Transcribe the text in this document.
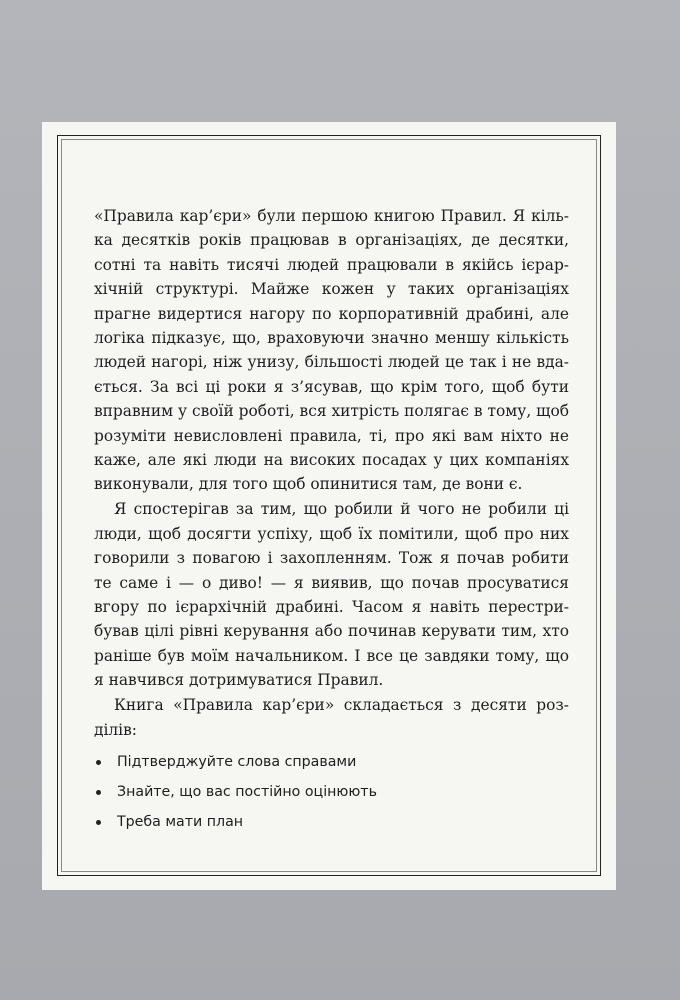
«Правила кар’єри» були першою книгою Правил. Я кілька десятків років працював в організаціях, де десятки, сотні та навіть тисячі людей працювали в якійсь ієрархічній структурі. Майже кожен у таких організаціях прагне видертися нагору по корпоративній драбині, але логіка підказує, що, враховуючи значно меншу кількість людей нагорі, ніж унизу, більшості людей це так і не вдається. За всі ці роки я з’ясував, що крім того, щоб бути вправним у своїй роботі, вся хитрість полягає в тому, щоб розуміти невисловлені правила, ті, про які вам ніхто не каже, але які люди на високих посадах у цих компаніях виконували, для того щоб опинитися там, де вони є.

Я спостерігав за тим, що робили й чого не робили ці люди, щоб досягти успіху, щоб їх помітили, щоб про них говорили з повагою і захопленням. Тож я почав робити те саме і — о диво! — я виявив, що почав просуватися вгору по ієрархічній драбині. Часом я навіть перестрибував цілі рівні керування або починав керувати тим, хто раніше був моїм начальником. І все це завдяки тому, що я навчився дотримуватися Правил.

Книга «Правила кар’єри» складається з десяти розділів:

Підтверджуйте слова справами
Знайте, що вас постійно оцінюють
Треба мати план
